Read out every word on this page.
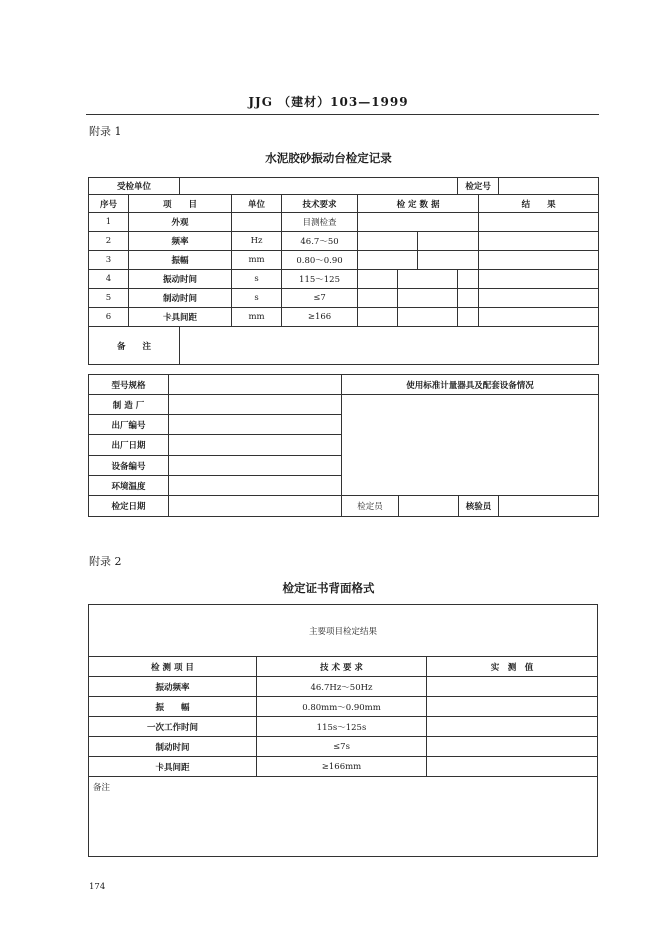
JJG （建材）103—1999
附录 1
水泥胶砂振动台检定记录
受检单位								检定号		
序号	项　　目		单位	技术要求	检 定 数 据				结　　果	
1	外观			目测检查						
2	频率		Hz	46.7～50						
3	振幅		mm	0.80～0.90						
4	振动时间		s	115～125						
5	制动时间		s	≤7						
6	卡具间距		mm	≥166						
备　　注										
型号规格		使用标准计量器具及配套设备情况			
制 造 厂					
出厂编号					
出厂日期					
设备编号					
环境温度					
检定日期		检定员		核验员	
附录 2
检定证书背面格式
主要项目检定结果		
检 测 项 目	技 术 要 求	实　测　值
振动频率	46.7Hz～50Hz	
振　　幅	0.80mm～0.90mm	
一次工作时间	115s～125s	
制动时间	≤7s	
卡具间距	≥166mm	
备注		
174
